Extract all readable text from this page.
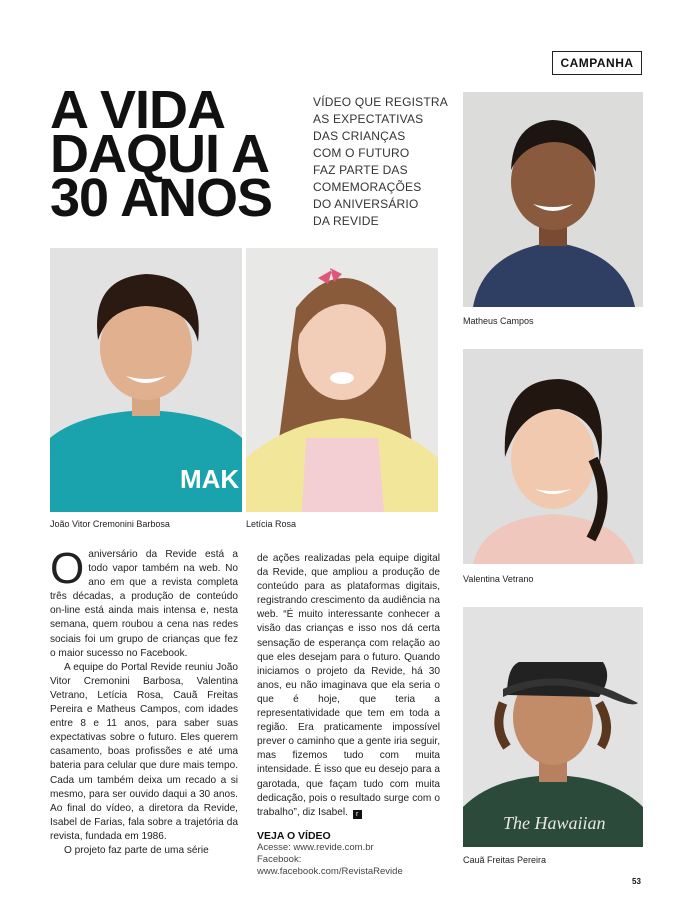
CAMPANHA
A VIDA
DAQUI A
30 ANOS
VÍDEO QUE REGISTRA
AS EXPECTATIVAS
DAS CRIANÇAS
COM O FUTURO
FAZ PARTE DAS
COMEMORAÇÕES
DO ANIVERSÁRIO
DA REVIDE
Matheus Campos
MAK
João Vitor Cremonini Barbosa	Letícia Rosa
Valentina Vetrano
The Hawaiian
Cauã Freitas Pereira

Oaniversário da Revide está a todo vapor também na web. No ano em que a revista completa três décadas, a produção de conteúdo on-line está ainda mais intensa e, nesta semana, quem roubou a cena nas redes sociais foi um grupo de crianças que fez o maior sucesso no Facebook.

A equipe do Portal Revide reuniu João Vitor Cremonini Barbosa, Valentina Vetrano, Letícia Rosa, Cauã Freitas Pereira e Matheus Campos, com idades entre 8 e 11 anos, para saber suas expectativas sobre o futuro. Eles querem casamento, boas profissões e até uma bateria para celular que dure mais tempo. Cada um também deixa um recado a si mesmo, para ser ouvido daqui a 30 anos. Ao final do vídeo, a diretora da Revide, Isabel de Farias, fala sobre a trajetória da revista, fundada em 1986.

O projeto faz parte de uma série

de ações realizadas pela equipe digital da Revide, que ampliou a produção de conteúdo para as plataformas digitais, registrando crescimento da audiência na web. “É muito interessante conhecer a visão das crianças e isso nos dá certa sensação de esperança com relação ao que eles desejam para o futuro. Quando iniciamos o projeto da Revide, há 30 anos, eu não imaginava que ela seria o que é hoje, que teria a representatividade que tem em toda a região. Era praticamente impossível prever o caminho que a gente iria seguir, mas fizemos tudo com muita intensidade. É isso que eu desejo para a garotada, que façam tudo com muita dedicação, pois o resultado surge com o trabalho”, diz Isabel. r

VEJA O VÍDEO
Acesse: www.revide.com.br
Facebook: www.facebook.com/RevistaRevide
53
